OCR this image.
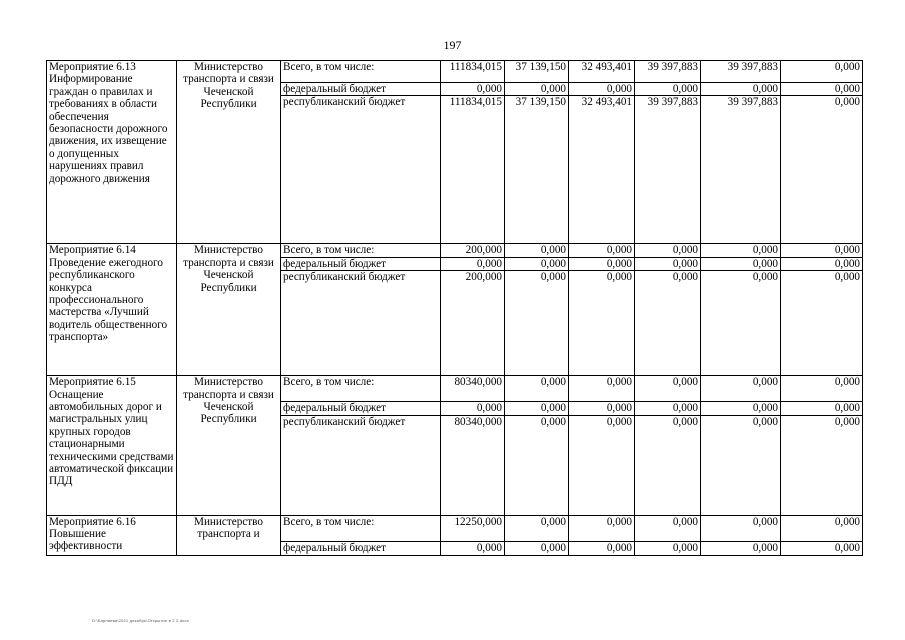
197
Мероприятие 6.13 Информирование граждан о правилах и требованиях в области обеспечения безопасности дорожного движения, их извещение о допущенных нарушениях правил дорожного движения	Министерство транспорта и связи Чеченской Республики	Всего, в том числе:	111834,015	37 139,150	32 493,401	39 397,883	39 397,883	0,000
		федеральный бюджет	0,000	0,000	0,000	0,000	0,000	0,000
		республиканский бюджет	111834,015	37 139,150	32 493,401	39 397,883	39 397,883	0,000
Мероприятие 6.14 Проведение ежегодного республиканского конкурса профессионального мастерства «Лучший водитель общественного транспорта»	Министерство транспорта и связи Чеченской Республики	Всего, в том числе:	200,000	0,000	0,000	0,000	0,000	0,000
		федеральный бюджет	0,000	0,000	0,000	0,000	0,000	0,000
		республиканский бюджет	200,000	0,000	0,000	0,000	0,000	0,000
Мероприятие 6.15 Оснащение автомобильных дорог и магистральных улиц крупных городов стационарными техническими средствами автоматической фиксации ПДД	Министерство транспорта и связи Чеченской Республики	Всего, в том числе:	80340,000	0,000	0,000	0,000	0,000	0,000
		федеральный бюджет	0,000	0,000	0,000	0,000	0,000	0,000
		республиканский бюджет	80340,000	0,000	0,000	0,000	0,000	0,000
Мероприятие 6.16 Повышение эффективности	Министерство транспорта и	Всего, в том числе:	12250,000	0,000	0,000	0,000	0,000	0,000
		федеральный бюджет	0,000	0,000	0,000	0,000	0,000	0,000
D:\Барлаева\2021 декабрь\Открытие в 2 2.docx
